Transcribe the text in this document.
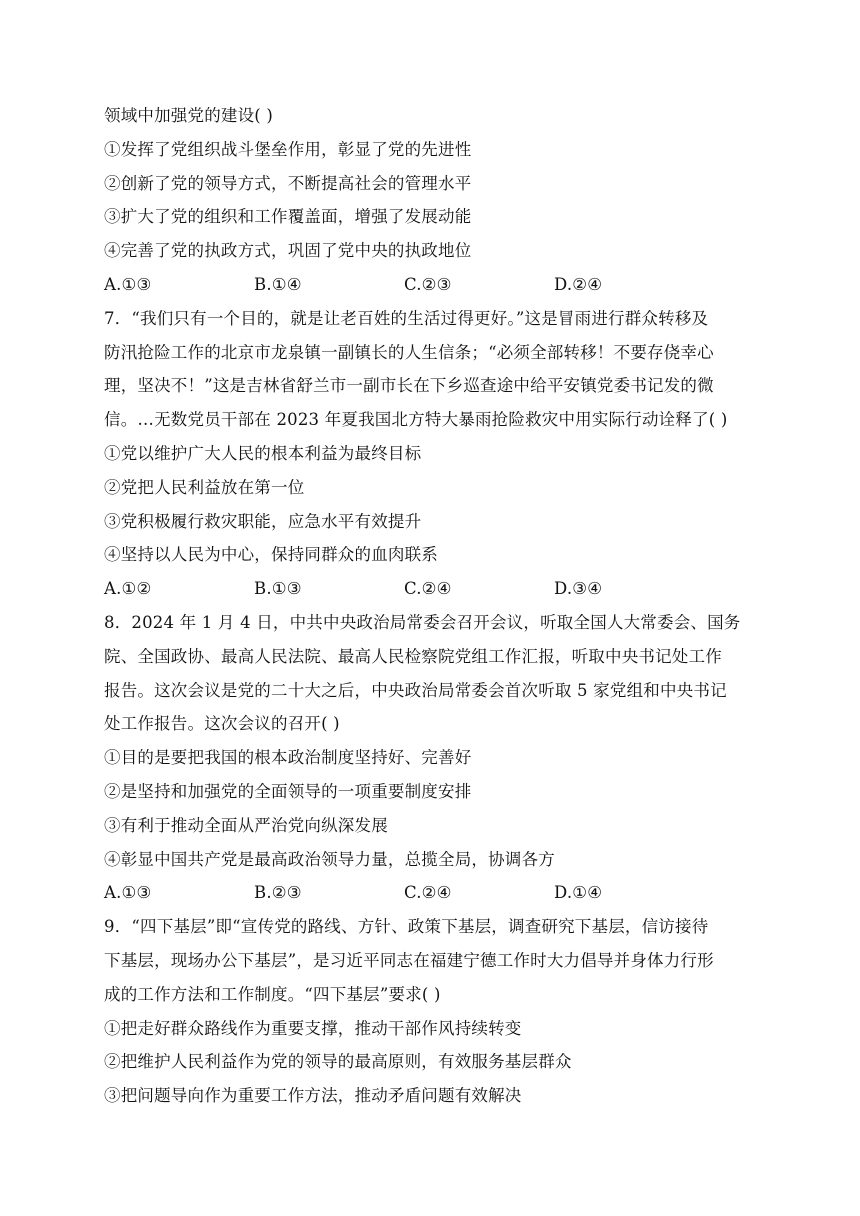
领域中加强党的建设( )
①发挥了党组织战斗堡垒作用，彰显了党的先进性
②创新了党的领导方式，不断提高社会的管理水平
③扩大了党的组织和工作覆盖面，增强了发展动能
④完善了党的执政方式，巩固了党中央的执政地位
A.①③	B.①④	C.②③	D.②④
7．“我们只有一个目的，就是让老百姓的生活过得更好。”这是冒雨进行群众转移及
防汛抢险工作的北京市龙泉镇一副镇长的人生信条；“必须全部转移！不要存侥幸心
理，坚决不！”这是吉林省舒兰市一副市长在下乡巡查途中给平安镇党委书记发的微
信。…无数党员干部在 2023 年夏我国北方特大暴雨抢险救灾中用实际行动诠释了( )
①党以维护广大人民的根本利益为最终目标
②党把人民利益放在第一位
③党积极履行救灾职能，应急水平有效提升
④坚持以人民为中心，保持同群众的血肉联系
A.①②	B.①③	C.②④	D.③④
8．2024 年 1 月 4 日，中共中央政治局常委会召开会议，听取全国人大常委会、国务
院、全国政协、最高人民法院、最高人民检察院党组工作汇报，听取中央书记处工作
报告。这次会议是党的二十大之后，中央政治局常委会首次听取 5 家党组和中央书记
处工作报告。这次会议的召开( )
①目的是要把我国的根本政治制度坚持好、完善好
②是坚持和加强党的全面领导的一项重要制度安排
③有利于推动全面从严治党向纵深发展
④彰显中国共产党是最高政治领导力量，总揽全局，协调各方
A.①③	B.②③	C.②④	D.①④
9．“四下基层”即“宣传党的路线、方针、政策下基层，调查研究下基层，信访接待
下基层，现场办公下基层”，是习近平同志在福建宁德工作时大力倡导并身体力行形
成的工作方法和工作制度。“四下基层”要求( )
①把走好群众路线作为重要支撑，推动干部作风持续转变
②把维护人民利益作为党的领导的最高原则，有效服务基层群众
③把问题导向作为重要工作方法，推动矛盾问题有效解决
